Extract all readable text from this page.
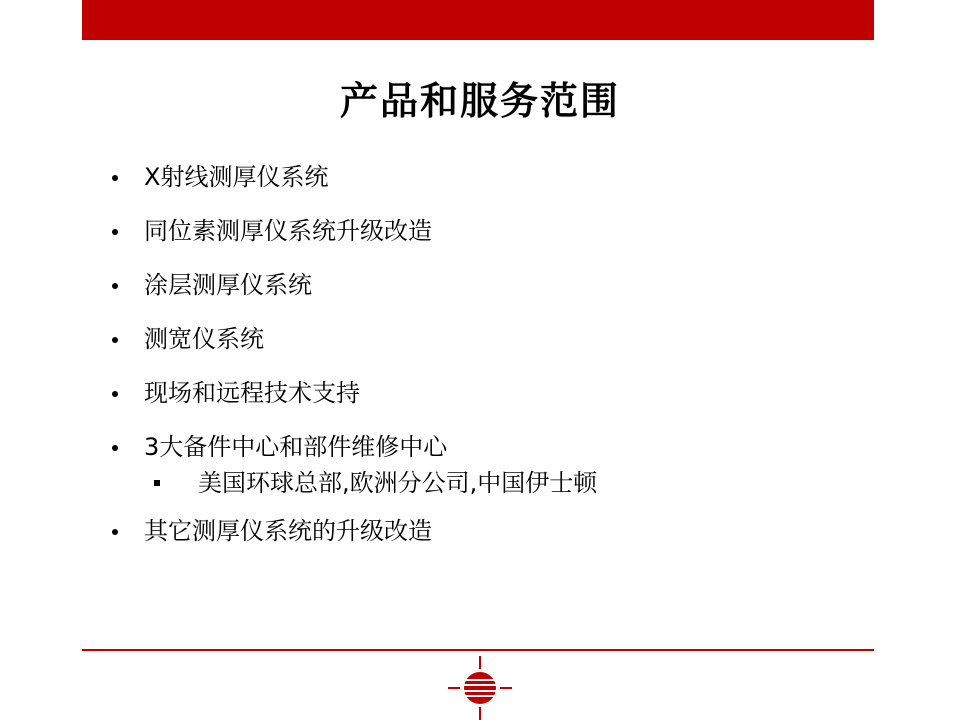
产品和服务范围
X射线测厚仪系统
同位素测厚仪系统升级改造
涂层测厚仪系统
测宽仪系统
现场和远程技术支持
3大备件中心和部件维修中心
美国环球总部,欧洲分公司,中国伊士顿
其它测厚仪系统的升级改造
